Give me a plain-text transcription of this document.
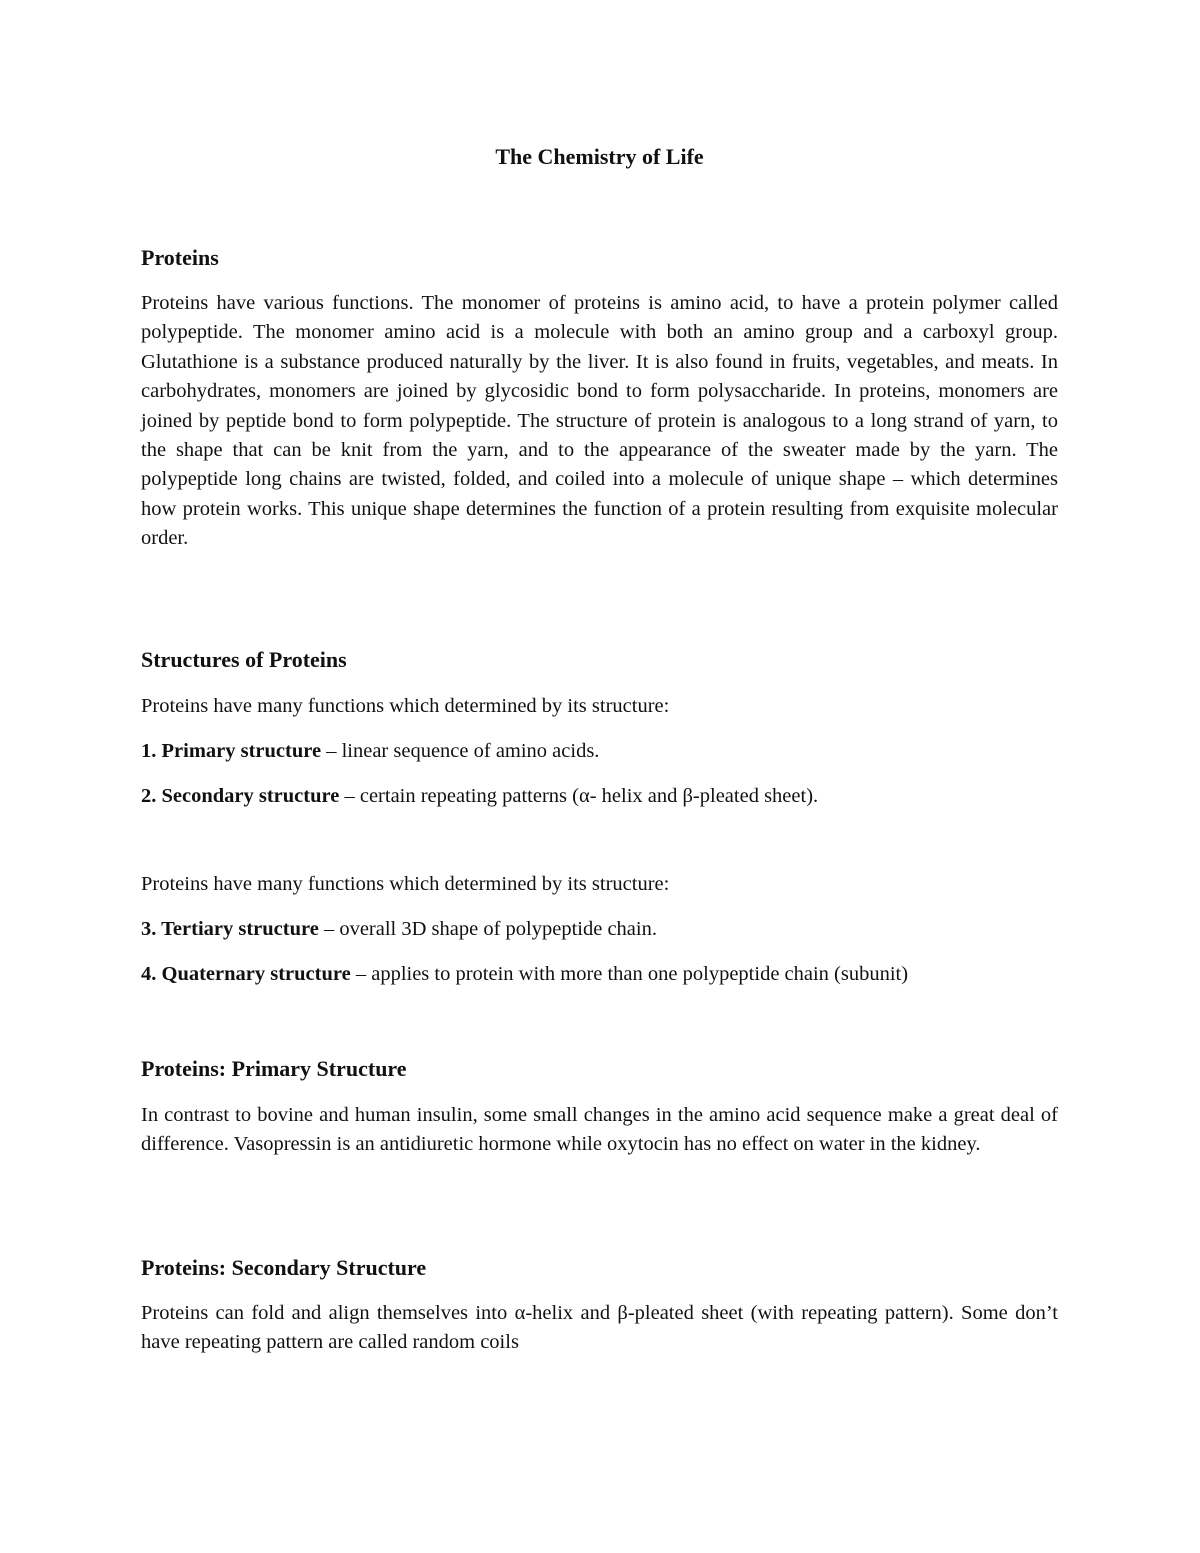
The Chemistry of Life
Proteins

Proteins have various functions. The monomer of proteins is amino acid, to have a protein polymer called polypeptide. The monomer amino acid is a molecule with both an amino group and a carboxyl group. Glutathione is a substance produced naturally by the liver. It is also found in fruits, vegetables, and meats. In carbohydrates, monomers are joined by glycosidic bond to form polysaccharide. In proteins, monomers are joined by peptide bond to form polypeptide. The structure of protein is analogous to a long strand of yarn, to the shape that can be knit from the yarn, and to the appearance of the sweater made by the yarn. The polypeptide long chains are twisted, folded, and coiled into a molecule of unique shape – which determines how protein works. This unique shape determines the function of a protein resulting from exquisite molecular order.

Structures of Proteins

Proteins have many functions which determined by its structure:

1. Primary structure – linear sequence of amino acids.

2. Secondary structure – certain repeating patterns (α- helix and β-pleated sheet).

Proteins have many functions which determined by its structure:

3. Tertiary structure – overall 3D shape of polypeptide chain.

4. Quaternary structure – applies to protein with more than one polypeptide chain (subunit)

Proteins: Primary Structure

In contrast to bovine and human insulin, some small changes in the amino acid sequence make a great deal of difference. Vasopressin is an antidiuretic hormone while oxytocin has no effect on water in the kidney.

Proteins: Secondary Structure

Proteins can fold and align themselves into α-helix and β-pleated sheet (with repeating pattern). Some don’t have repeating pattern are called random coils
